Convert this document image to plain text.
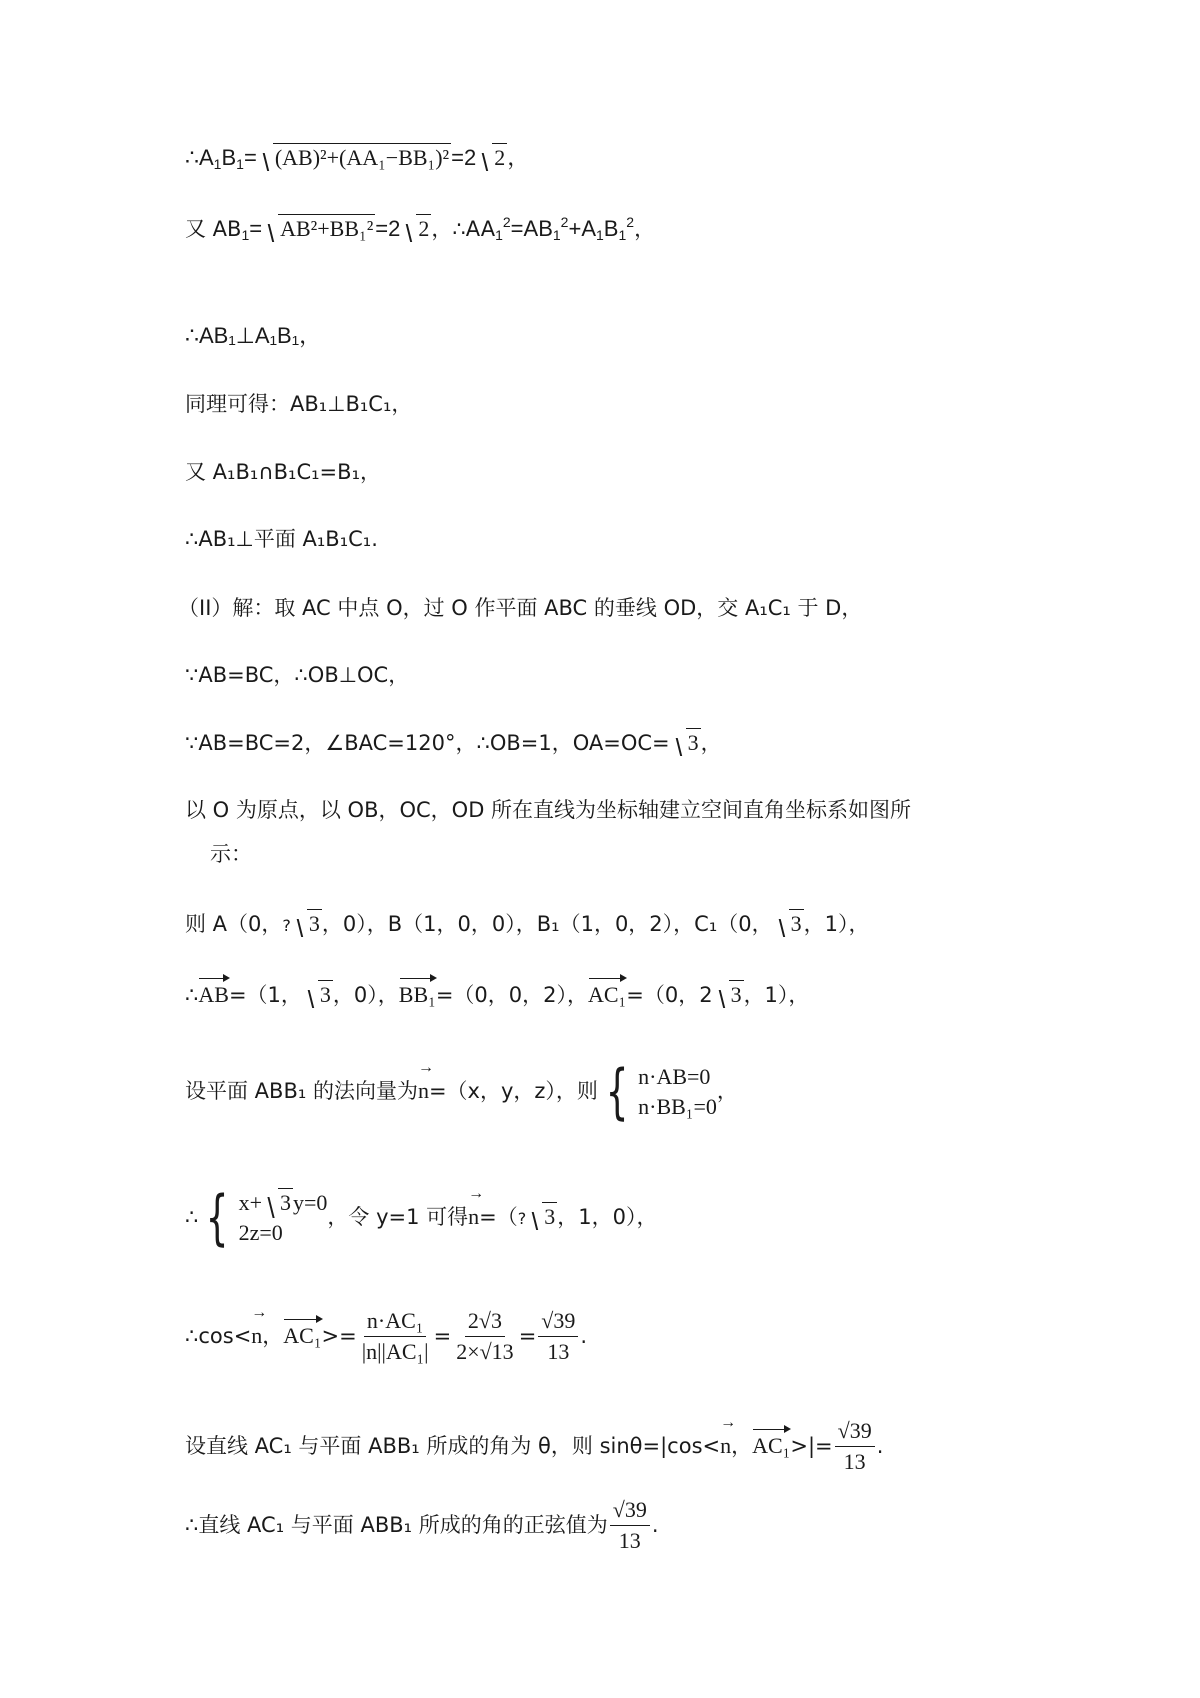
$\therefore A_1B_1= (AB)^2+(AA_1-BB_1)^2=2$ 2，
又 $AB_1= AB^2+BB_1^2=2$ 2，$\therefore AA_1^2=AB_1^2+A_1B_1^2$，
∴AB₁⊥A₁B₁，
同理可得：AB₁⊥B₁C₁，
又 A₁B₁∩B₁C₁=B₁，
∴AB₁⊥平面 A₁B₁C₁.
（II）解：取 AC 中点 O，过 O 作平面 ABC 的垂线 OD，交 A₁C₁ 于 D，
∵AB=BC，∴OB⊥OC，
∵AB=BC=2，∠BAC=120°，∴OB=1，OA=OC= 3，
以 O 为原点，以 OB，OC，OD 所在直线为坐标轴建立空间直角坐标系如图所
示：
则 A（0，? 3，0），B（1，0，0），B₁（1，0，2），C₁（0， 3，1），
∴AB=（1， 3，0），BB₁=（0，0，2），AC₁=（0，2 3，1），
设平面 ABB₁ 的法向量为n →=（x，y，z），则 { n·AB=0
n·BB₁=0
，
∴ { x+ 3y=0
2z=0
，令 y=1 可得n →=（? 3，1，0），
∴cos<n →，$AC_1>= \frac{\text{n·AC₁}}{\text{|n||AC₁|}} = \frac{2√3}{2\times√13} = \frac{√39}{13}$ .
设直线 AC₁ 与平面 ABB₁ 所成的角为 θ，则 sinθ=|cos<n →，$AC_1>|= \frac{√39}{13}$ .
∴直线 AC₁ 与平面 ABB₁ 所成的角的正弦值为 $\frac{√39}{13}$ .
